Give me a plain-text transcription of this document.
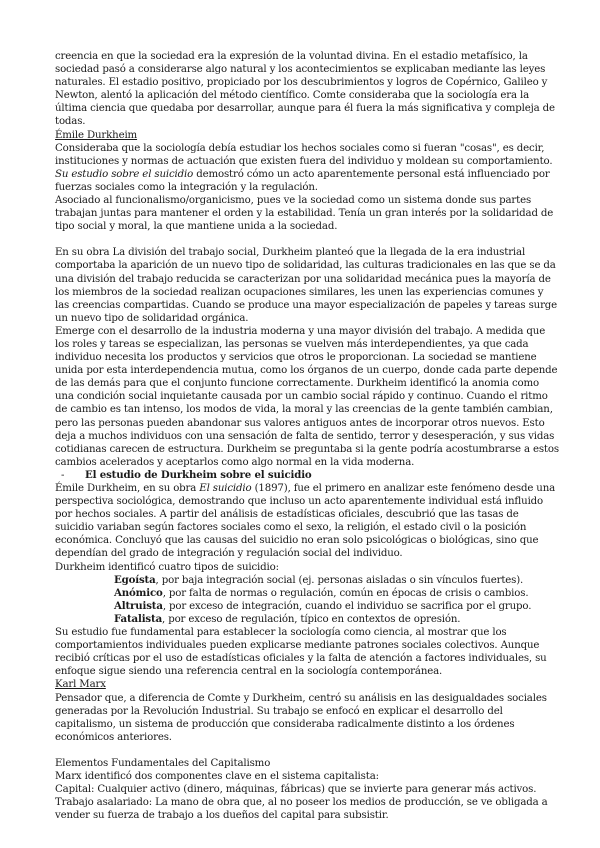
creencia en que la sociedad era la expresión de la voluntad divina. En el estadio metafísico, la sociedad pasó a considerarse algo natural y los acontecimientos se explicaban mediante las leyes naturales. El estadio positivo, propiciado por los descubrimientos y logros de Copérnico, Galileo y Newton, alentó la aplicación del método científico. Comte consideraba que la sociología era la última ciencia que quedaba por desarrollar, aunque para él fuera la más significativa y compleja de todas.

Émile Durkheim

Consideraba que la sociología debía estudiar los hechos sociales como si fueran "cosas", es decir, instituciones y normas de actuación que existen fuera del individuo y moldean su comportamiento. Su estudio sobre el suicidio demostró cómo un acto aparentemente personal está influenciado por fuerzas sociales como la integración y la regulación.

Asociado al funcionalismo/organicismo, pues ve la sociedad como un sistema donde sus partes trabajan juntas para mantener el orden y la estabilidad. Tenía un gran interés por la solidaridad de tipo social y moral, la que mantiene unida a la sociedad.

En su obra La división del trabajo social, Durkheim planteó que la llegada de la era industrial comportaba la aparición de un nuevo tipo de solidaridad, las culturas tradicionales en las que se da una división del trabajo reducida se caracterizan por una solidaridad mecánica pues la mayoría de los miembros de la sociedad realizan ocupaciones similares, les unen las experiencias comunes y las creencias compartidas. Cuando se produce una mayor especialización de papeles y tareas surge un nuevo tipo de solidaridad orgánica.

Emerge con el desarrollo de la industria moderna y una mayor división del trabajo. A medida que los roles y tareas se especializan, las personas se vuelven más interdependientes, ya que cada individuo necesita los productos y servicios que otros le proporcionan. La sociedad se mantiene unida por esta interdependencia mutua, como los órganos de un cuerpo, donde cada parte depende de las demás para que el conjunto funcione correctamente. Durkheim identificó la anomia como una condición social inquietante causada por un cambio social rápido y continuo. Cuando el ritmo de cambio es tan intenso, los modos de vida, la moral y las creencias de la gente también cambian, pero las personas pueden abandonar sus valores antiguos antes de incorporar otros nuevos. Esto deja a muchos individuos con una sensación de falta de sentido, terror y desesperación, y sus vidas cotidianas carecen de estructura. Durkheim se preguntaba si la gente podría acostumbrarse a estos cambios acelerados y aceptarlos como algo normal en la vida moderna.

- El estudio de Durkheim sobre el suicidio

Émile Durkheim, en su obra El suicidio (1897), fue el primero en analizar este fenómeno desde una perspectiva sociológica, demostrando que incluso un acto aparentemente individual está influido por hechos sociales. A partir del análisis de estadísticas oficiales, descubrió que las tasas de suicidio variaban según factores sociales como el sexo, la religión, el estado civil o la posición económica. Concluyó que las causas del suicidio no eran solo psicológicas o biológicas, sino que dependían del grado de integración y regulación social del individuo.

Durkheim identificó cuatro tipos de suicidio:

Egoísta, por baja integración social (ej. personas aisladas o sin vínculos fuertes).

Anómico, por falta de normas o regulación, común en épocas de crisis o cambios.

Altruista, por exceso de integración, cuando el individuo se sacrifica por el grupo.

Fatalista, por exceso de regulación, típico en contextos de opresión.

Su estudio fue fundamental para establecer la sociología como ciencia, al mostrar que los comportamientos individuales pueden explicarse mediante patrones sociales colectivos. Aunque recibió críticas por el uso de estadísticas oficiales y la falta de atención a factores individuales, su enfoque sigue siendo una referencia central en la sociología contemporánea.

Karl Marx

Pensador que, a diferencia de Comte y Durkheim, centró su análisis en las desigualdades sociales generadas por la Revolución Industrial. Su trabajo se enfocó en explicar el desarrollo del capitalismo, un sistema de producción que consideraba radicalmente distinto a los órdenes económicos anteriores.

Elementos Fundamentales del Capitalismo

Marx identificó dos componentes clave en el sistema capitalista:

Capital: Cualquier activo (dinero, máquinas, fábricas) que se invierte para generar más activos.

Trabajo asalariado: La mano de obra que, al no poseer los medios de producción, se ve obligada a vender su fuerza de trabajo a los dueños del capital para subsistir.
